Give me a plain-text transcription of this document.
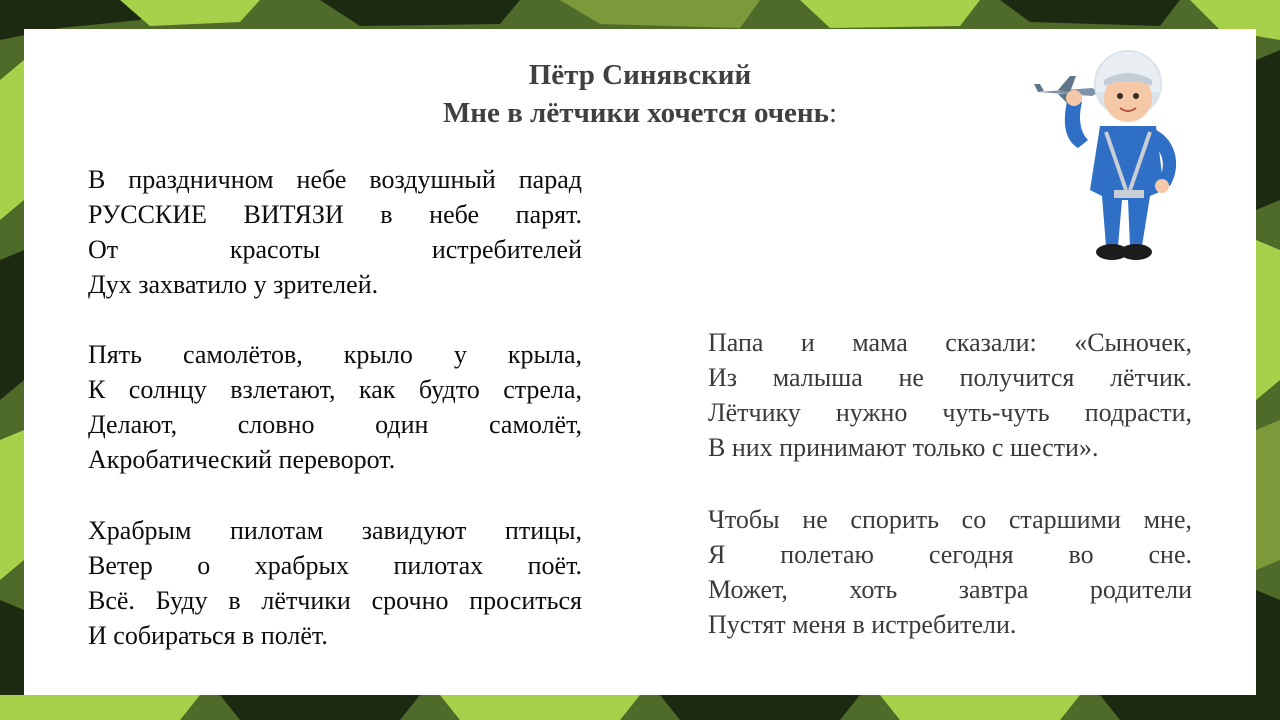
Пётр Синявский
Мне в лётчики хочется очень:
В праздничном небе воздушный парад
РУССКИЕ ВИТЯЗИ в небе парят.
От красоты истребителей
Дух захватило у зрителей.
Пять самолётов, крыло у крыла,
К солнцу взлетают, как будто стрела,
Делают, словно один самолёт,
Акробатический переворот.
Храбрым пилотам завидуют птицы,
Ветер о храбрых пилотах поёт.
Всё. Буду в лётчики срочно проситься
И собираться в полёт.
Папа и мама сказали: «Сыночек,
Из малыша не получится лётчик.
Лётчику нужно чуть-чуть подрасти,
В них принимают только с шести».
Чтобы не спорить со старшими мне,
Я полетаю сегодня во сне.
Может, хоть завтра родители
Пустят меня в истребители.
